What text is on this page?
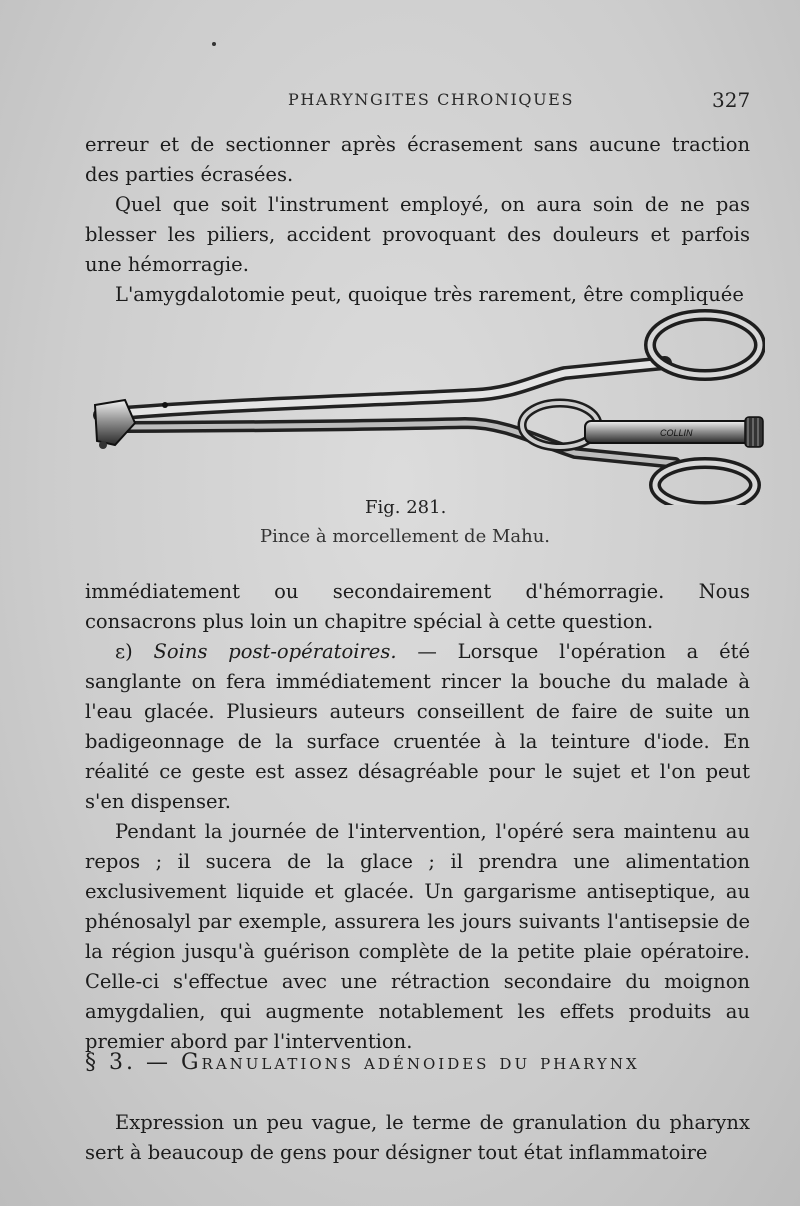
PHARYNGITES CHRONIQUES	327

erreur et de sectionner après écrasement sans aucune traction des parties écrasées.

Quel que soit l'instrument employé, on aura soin de ne pas blesser les piliers, accident provoquant des douleurs et parfois une hémorragie.

L'amygdalotomie peut, quoique très rarement, être compliquée

COLLIN
Fig. 281.
Pince à morcellement de Mahu.

immédiatement ou secondairement d'hémorragie. Nous consacrons plus loin un chapitre spécial à cette question.

ε) Soins post-opératoires. — Lorsque l'opération a été sanglante on fera immédiatement rincer la bouche du malade à l'eau glacée. Plusieurs auteurs conseillent de faire de suite un badigeonnage de la surface cruentée à la teinture d'iode. En réalité ce geste est assez désagréable pour le sujet et l'on peut s'en dispenser.

Pendant la journée de l'intervention, l'opéré sera maintenu au repos ; il sucera de la glace ; il prendra une alimentation exclusivement liquide et glacée. Un gargarisme antiseptique, au phénosalyl par exemple, assurera les jours suivants l'antisepsie de la région jusqu'à guérison complète de la petite plaie opératoire. Celle-ci s'effectue avec une rétraction secondaire du moignon amygdalien, qui augmente notablement les effets produits au premier abord par l'intervention.

§ 3. — Granulations adénoides du pharynx

Expression un peu vague, le terme de granulation du pharynx sert à beaucoup de gens pour désigner tout état inflammatoire
